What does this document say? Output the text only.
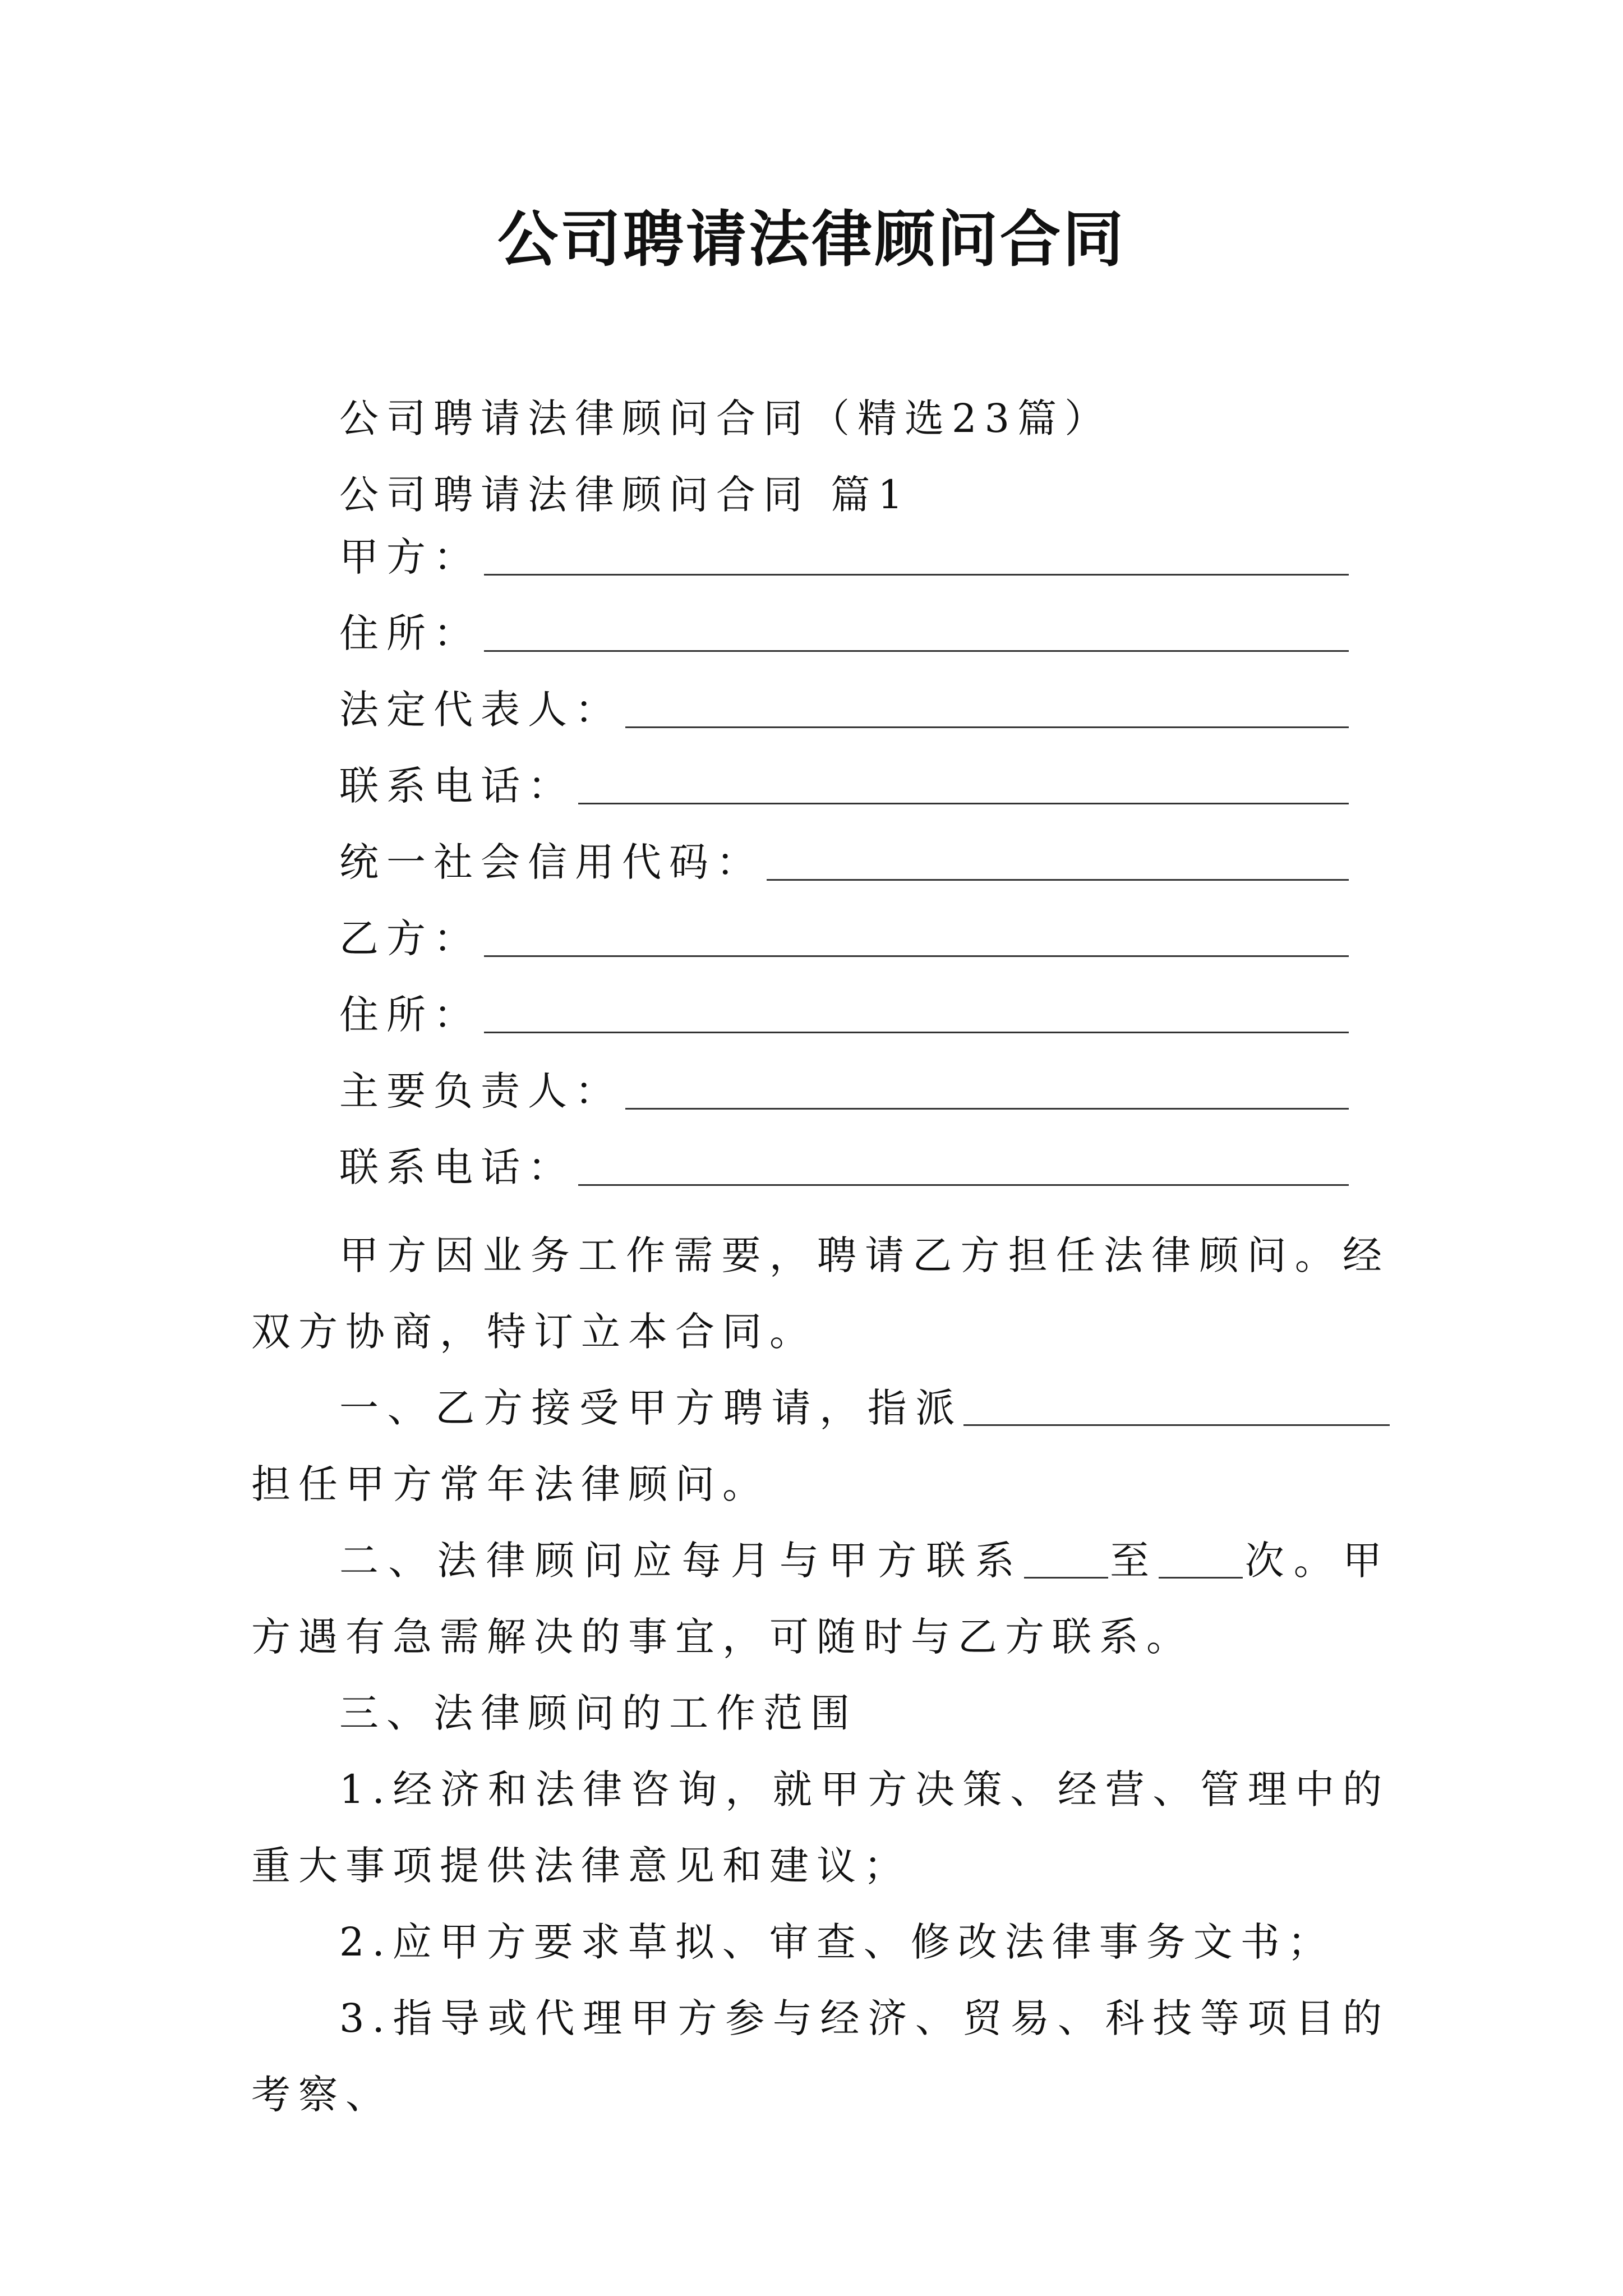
公司聘请法律顾问合同
公司聘请法律顾问合同（精选23篇）
公司聘请法律顾问合同 篇1
甲方：
住所：
法定代表人：
联系电话：
统一社会信用代码：
乙方：
住所：
主要负责人：
联系电话：
甲方因业务工作需要，聘请乙方担任法律顾问。经双方协商，特订立本合同。
一、乙方接受甲方聘请，指派担任甲方常年法律顾问。
二、法律顾问应每月与甲方联系 至 次。甲方遇有急需解决的事宜，可随时与乙方联系。
三、法律顾问的工作范围
1.经济和法律咨询，就甲方决策、经营、管理中的重大事项提供法律意见和建议；
2.应甲方要求草拟、审查、修改法律事务文书；
3.指导或代理甲方参与经济、贸易、科技等项目的考察、
